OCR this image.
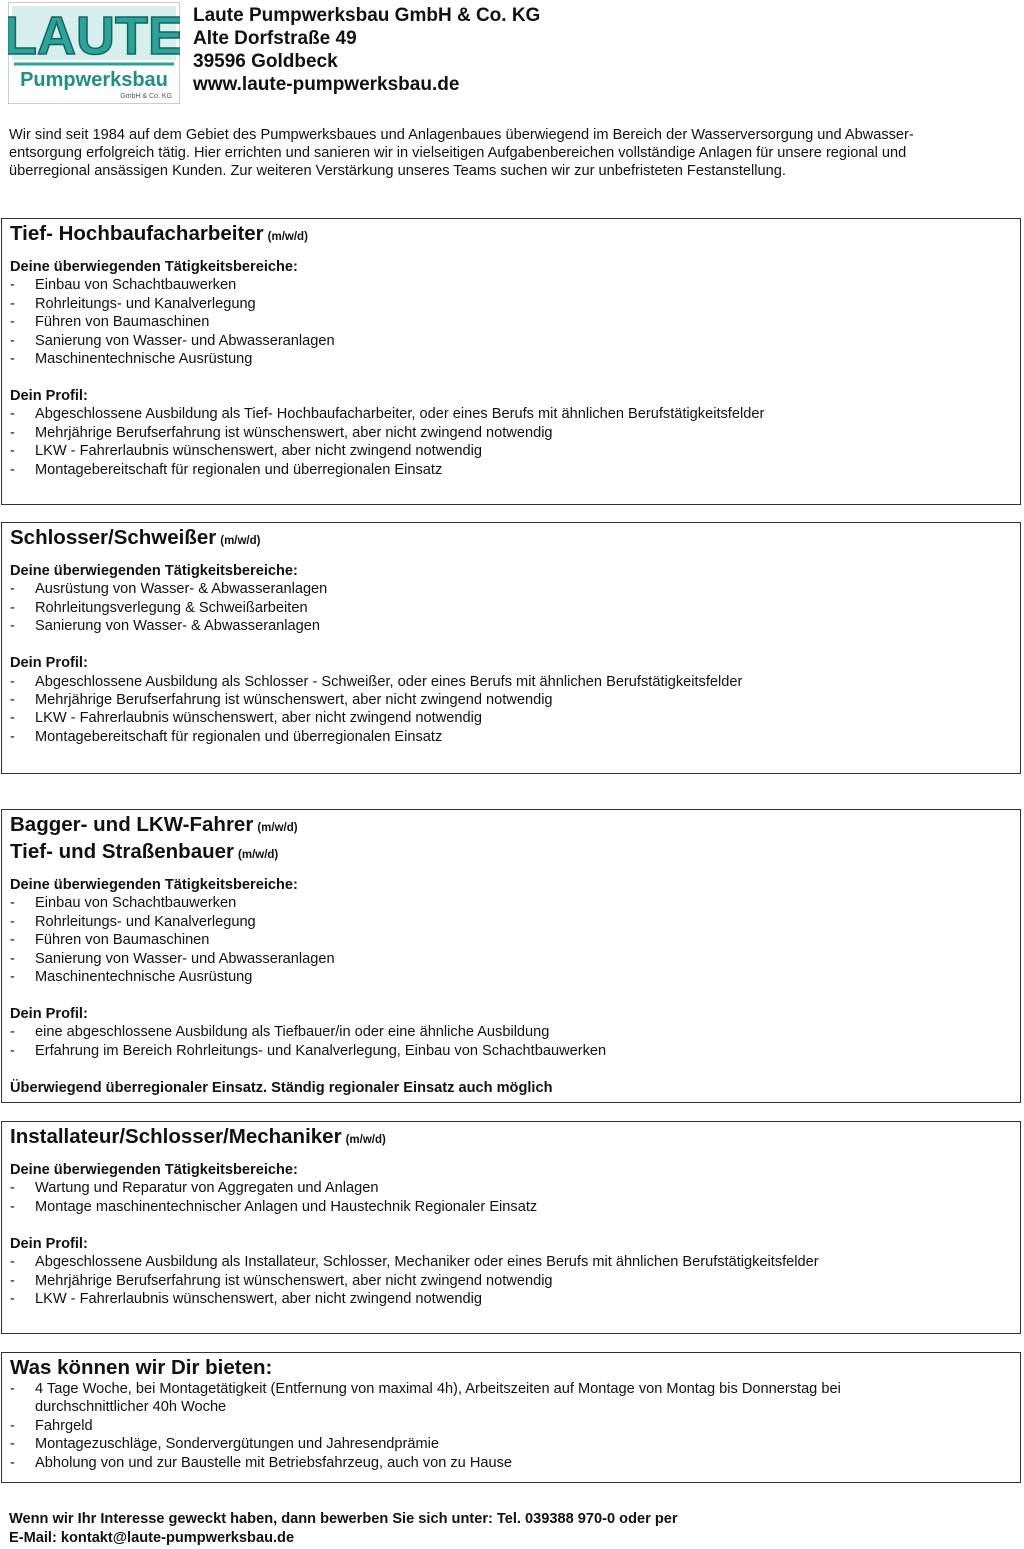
LAUTE
Pumpwerksbau
GmbH & Co. KG
Laute Pumpwerksbau GmbH & Co. KG
Alte Dorfstraße 49
39596 Goldbeck
www.laute-pumpwerksbau.de
Wir sind seit 1984 auf dem Gebiet des Pumpwerksbaues und Anlagenbaues überwiegend im Bereich der Wasserversorgung und Abwasser-
entsorgung erfolgreich tätig. Hier errichten und sanieren wir in vielseitigen Aufgabenbereichen vollständige Anlagen für unsere regional und
überregional ansässigen Kunden. Zur weiteren Verstärkung unseres Teams suchen wir zur unbefristeten Festanstellung.
Tief- Hochbaufacharbeiter (m/w/d)
Deine überwiegenden Tätigkeitsbereiche:
- Einbau von Schachtbauwerken
- Rohrleitungs- und Kanalverlegung
- Führen von Baumaschinen
- Sanierung von Wasser- und Abwasseranlagen
- Maschinentechnische Ausrüstung
Dein Profil:
- Abgeschlossene Ausbildung als Tief- Hochbaufacharbeiter, oder eines Berufs mit ähnlichen Berufstätigkeitsfelder
- Mehrjährige Berufserfahrung ist wünschenswert, aber nicht zwingend notwendig
- LKW - Fahrerlaubnis wünschenswert, aber nicht zwingend notwendig
- Montagebereitschaft für regionalen und überregionalen Einsatz
Schlosser/Schweißer (m/w/d)
Deine überwiegenden Tätigkeitsbereiche:
- Ausrüstung von Wasser- & Abwasseranlagen
- Rohrleitungsverlegung & Schweißarbeiten
- Sanierung von Wasser- & Abwasseranlagen
Dein Profil:
- Abgeschlossene Ausbildung als Schlosser - Schweißer, oder eines Berufs mit ähnlichen Berufstätigkeitsfelder
- Mehrjährige Berufserfahrung ist wünschenswert, aber nicht zwingend notwendig
- LKW - Fahrerlaubnis wünschenswert, aber nicht zwingend notwendig
- Montagebereitschaft für regionalen und überregionalen Einsatz
Bagger- und LKW-Fahrer (m/w/d)
Tief- und Straßenbauer (m/w/d)
Deine überwiegenden Tätigkeitsbereiche:
- Einbau von Schachtbauwerken
- Rohrleitungs- und Kanalverlegung
- Führen von Baumaschinen
- Sanierung von Wasser- und Abwasseranlagen
- Maschinentechnische Ausrüstung
Dein Profil:
- eine abgeschlossene Ausbildung als Tiefbauer/in oder eine ähnliche Ausbildung
- Erfahrung im Bereich Rohrleitungs- und Kanalverlegung, Einbau von Schachtbauwerken
Überwiegend überregionaler Einsatz. Ständig regionaler Einsatz auch möglich
Installateur/Schlosser/Mechaniker (m/w/d)
Deine überwiegenden Tätigkeitsbereiche:
- Wartung und Reparatur von Aggregaten und Anlagen
- Montage maschinentechnischer Anlagen und Haustechnik Regionaler Einsatz
Dein Profil:
- Abgeschlossene Ausbildung als Installateur, Schlosser, Mechaniker oder eines Berufs mit ähnlichen Berufstätigkeitsfelder
- Mehrjährige Berufserfahrung ist wünschenswert, aber nicht zwingend notwendig
- LKW - Fahrerlaubnis wünschenswert, aber nicht zwingend notwendig
Was können wir Dir bieten:
- 4 Tage Woche, bei Montagetätigkeit (Entfernung von maximal 4h), Arbeitszeiten auf Montage von Montag bis Donnerstag bei durchschnittlicher 40h Woche
- Fahrgeld
- Montagezuschläge, Sondervergütungen und Jahresendprämie
- Abholung von und zur Baustelle mit Betriebsfahrzeug, auch von zu Hause
Wenn wir Ihr Interesse geweckt haben, dann bewerben Sie sich unter: Tel. 039388 970-0 oder per
E-Mail: kontakt@laute-pumpwerksbau.de
